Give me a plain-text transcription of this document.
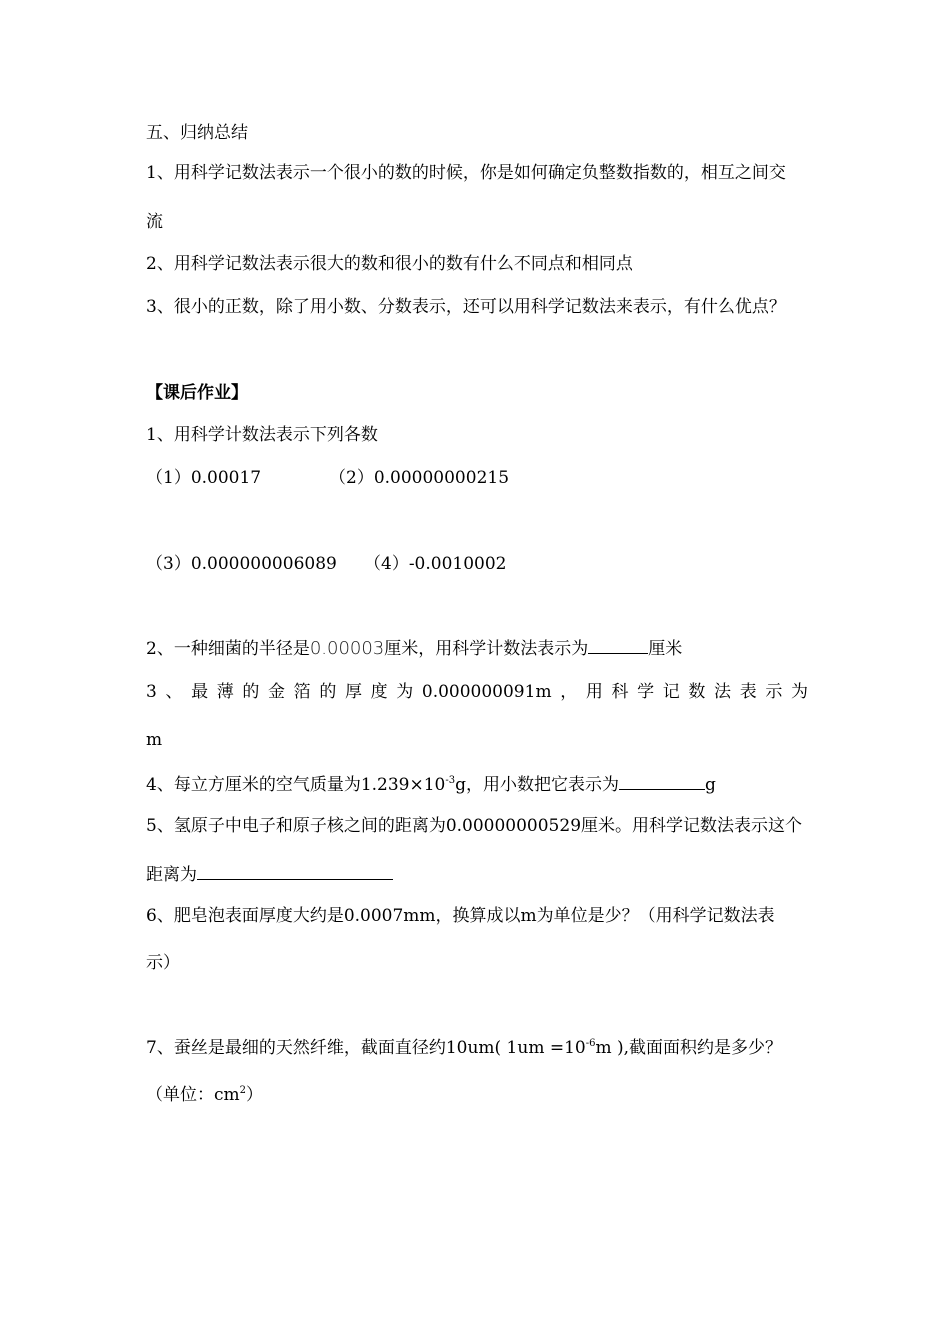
五、归纳总结
1、用科学记数法表示一个很小的数的时候，你是如何确定负整数指数的，相互之间交
流
2、用科学记数法表示很大的数和很小的数有什么不同点和相同点
3、很小的正数，除了用小数、分数表示，还可以用科学记数法来表示，有什么优点？
【课后作业】
1、用科学计数法表示下列各数
（1）0.00017	（2）0.00000000215
（3）0.000000006089 （4）-0.0010002
2、一种细菌的半径是0.00003厘米，用科学计数法表示为	厘米
3 、 最 薄 的 金 箔 的 厚 度 为 0.000000091m ， 用 科 学 记 数 法 表 示 为
m
4、每立方厘米的空气质量为$1.239\times 10^{-3}g$，用小数把它表示为	g
5、氢原子中电子和原子核之间的距离为0.00000000529厘米。用科学记数法表示这个
距离为
6、肥皂泡表面厚度大约是0.0007mm，换算成以m为单位是少？（用科学记数法表
示）
7、蚕丝是最细的天然纤维，截面直径约10um( $1um =10^{-6}m$ ),截面面积约是多少？
（单位：$cm^2$）
